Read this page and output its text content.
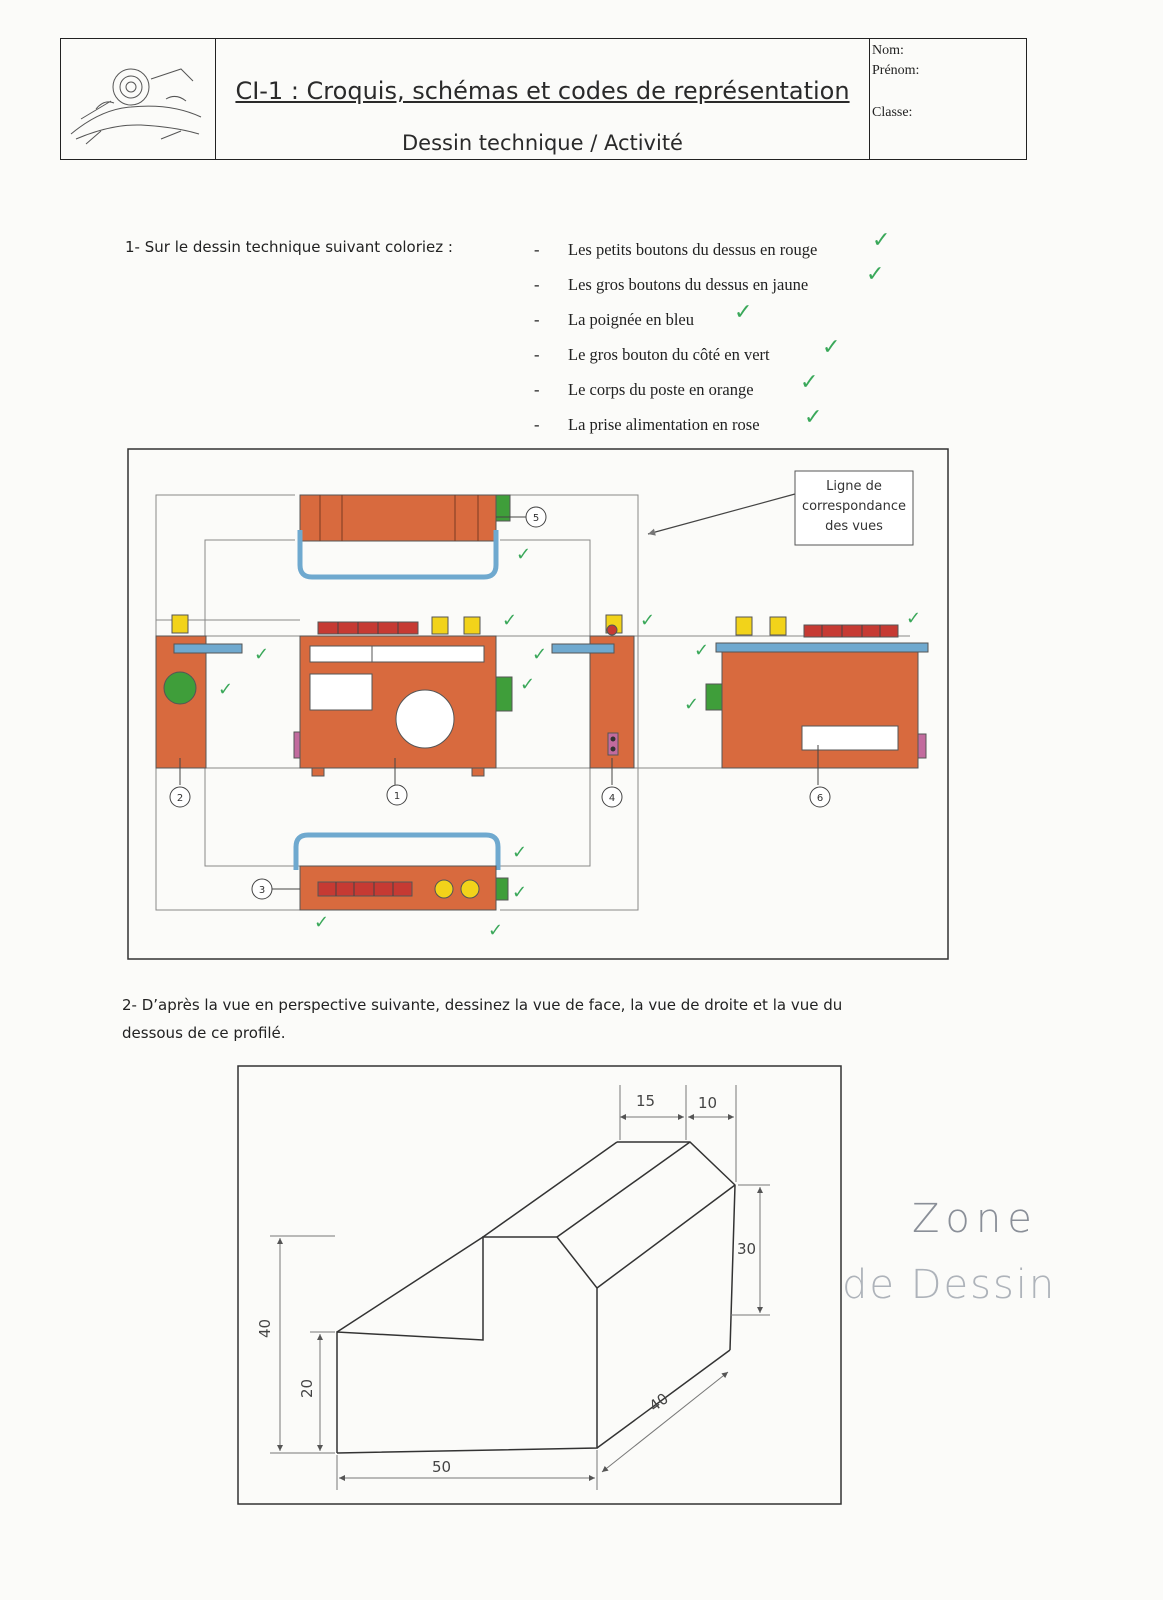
CI-1 : Croquis, schémas et codes de représentation
Dessin technique / Activité
Nom:
Prénom:
Classe:
1- Sur le dessin technique suivant coloriez :	- Les petits boutons du dessus en rouge ✓
- Les gros boutons du dessus en jaune	✓
- La poignée en bleu ✓
- Le gros bouton du côté en vert ✓
- Le corps du poste en orange ✓
- La prise alimentation en rose ✓
Ligne de
correspondance
des vues
1
2
3
4
5
6
✓
✓
✓
✓
✓
✓
✓
✓
✓
✓
✓
✓
✓	✓
2- D’après la vue en perspective suivante, dessinez la vue de face, la vue de droite et la vue du
dessous de ce profilé.
15	10
30
40
20
40
50
Zone
de Dessin
